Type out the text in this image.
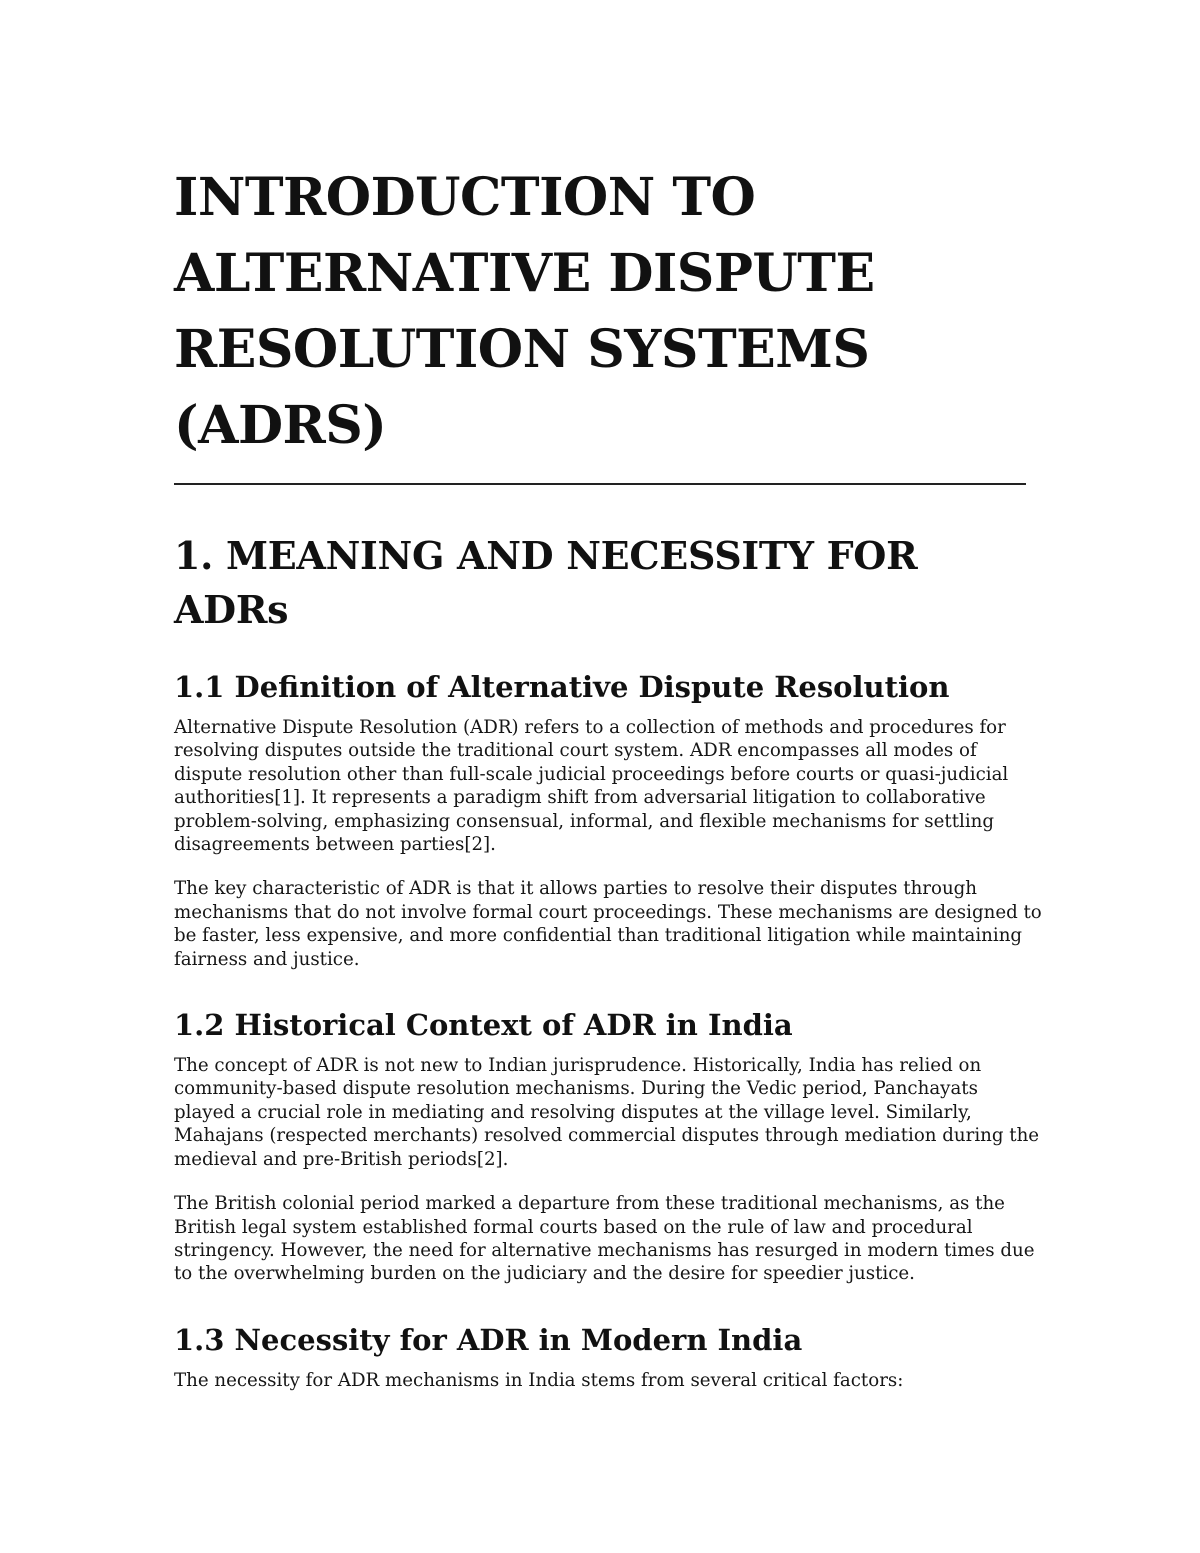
INTRODUCTION TO
ALTERNATIVE DISPUTE
RESOLUTION SYSTEMS
(ADRS)
1. MEANING AND NECESSITY FOR
ADRs
1.1 Definition of Alternative Dispute Resolution

Alternative Dispute Resolution (ADR) refers to a collection of methods and procedures for
resolving disputes outside the traditional court system. ADR encompasses all modes of
dispute resolution other than full-scale judicial proceedings before courts or quasi-judicial
authorities[1]. It represents a paradigm shift from adversarial litigation to collaborative
problem-solving, emphasizing consensual, informal, and flexible mechanisms for settling
disagreements between parties[2].

The key characteristic of ADR is that it allows parties to resolve their disputes through
mechanisms that do not involve formal court proceedings. These mechanisms are designed to
be faster, less expensive, and more confidential than traditional litigation while maintaining
fairness and justice.

1.2 Historical Context of ADR in India

The concept of ADR is not new to Indian jurisprudence. Historically, India has relied on
community-based dispute resolution mechanisms. During the Vedic period, Panchayats
played a crucial role in mediating and resolving disputes at the village level. Similarly,
Mahajans (respected merchants) resolved commercial disputes through mediation during the
medieval and pre-British periods[2].

The British colonial period marked a departure from these traditional mechanisms, as the
British legal system established formal courts based on the rule of law and procedural
stringency. However, the need for alternative mechanisms has resurged in modern times due
to the overwhelming burden on the judiciary and the desire for speedier justice.

1.3 Necessity for ADR in Modern India

The necessity for ADR mechanisms in India stems from several critical factors:
